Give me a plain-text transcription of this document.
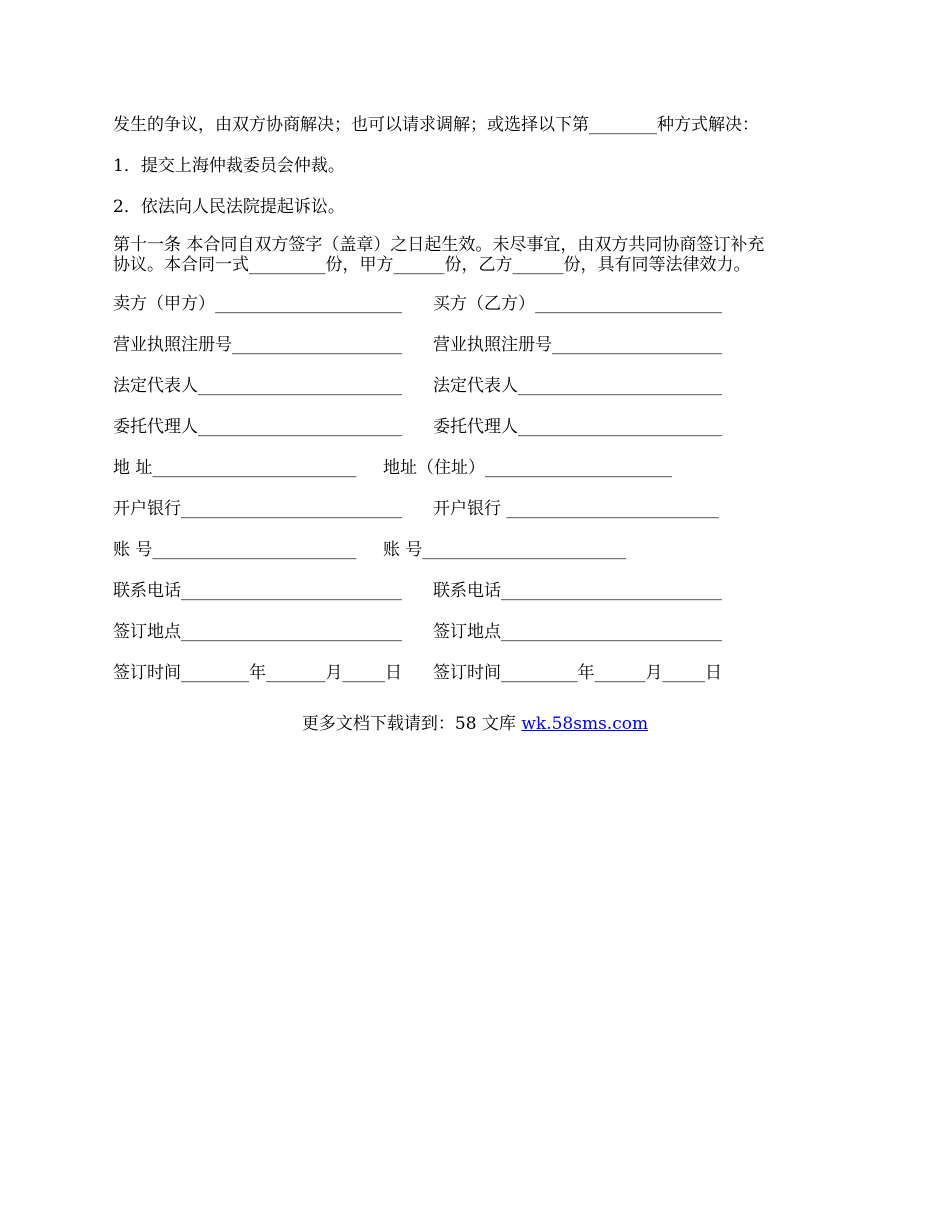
发生的争议，由双方协商解决；也可以请求调解；或选择以下第________种方式解决：
1．提交上海仲裁委员会仲裁。
2．依法向人民法院提起诉讼。
第十一条 本合同自双方签字（盖章）之日起生效。未尽事宜，由双方共同协商签订补充
协议。本合同一式_________份，甲方______份，乙方______份，具有同等法律效力。
卖方（甲方）______________________ 买方（乙方）______________________
营业执照注册号____________________ 营业执照注册号____________________
法定代表人________________________ 法定代表人________________________
委托代理人________________________ 委托代理人________________________
地 址________________________ 地址（住址）______________________
开户银行__________________________ 开户银行 _________________________
账 号________________________ 账 号________________________
联系电话__________________________ 联系电话__________________________
签订地点__________________________ 签订地点__________________________
签订时间________年_______月_____日 签订时间_________年______月_____日
更多文档下载请到：58 文库 wk.58sms.com
